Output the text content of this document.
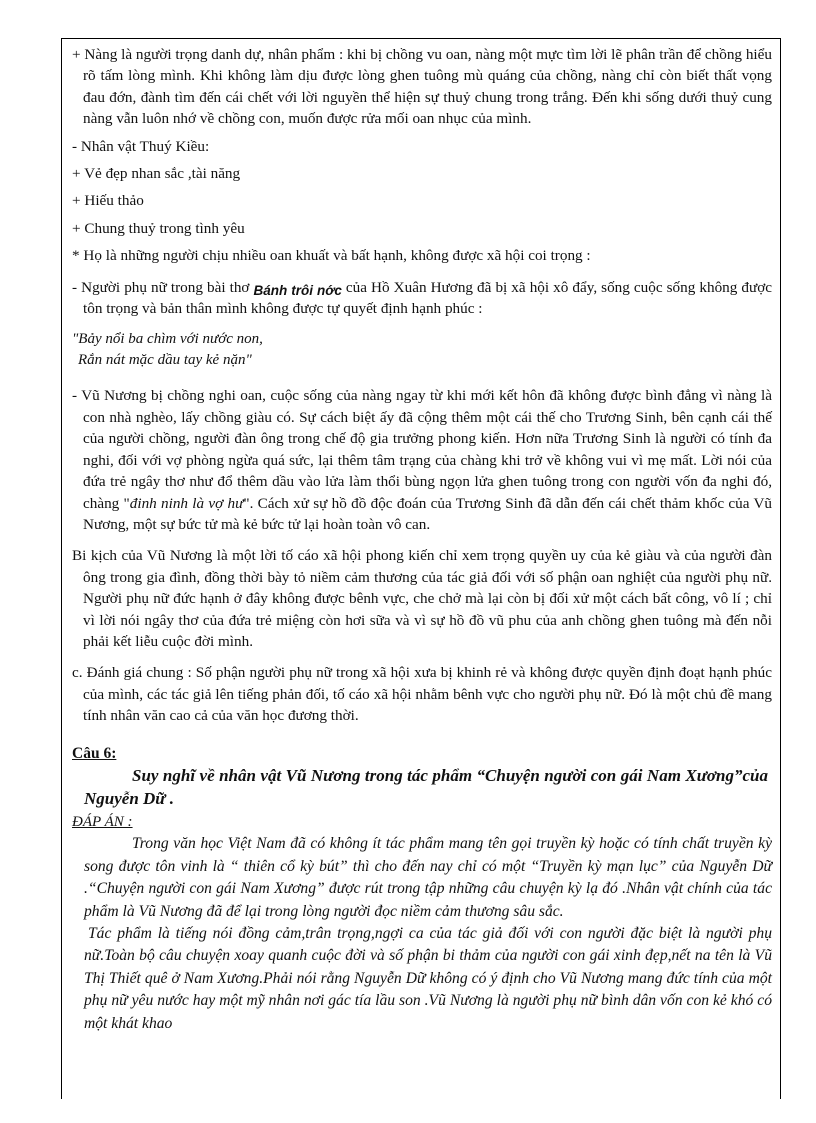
+ Nàng là người trọng danh dự, nhân phẩm : khi bị chồng vu oan, nàng một mực tìm lời lẽ phân trần để chồng hiểu rõ tấm lòng mình. Khi không làm dịu được lòng ghen tuông mù quáng của chồng, nàng chỉ còn biết thất vọng đau đớn, đành tìm đến cái chết với lời nguyền thể hiện sự thuỷ chung trong trắng. Đến khi sống dưới thuỷ cung nàng vẫn luôn nhớ về chồng con, muốn được rửa mối oan nhục của mình.

- Nhân vật Thuý Kiều:

+ Vẻ đẹp nhan sắc ,tài năng

+ Hiếu thảo

+ Chung thuỷ trong tình yêu

* Họ là những người chịu nhiều oan khuất và bất hạnh, không được xã hội coi trọng :

- Người phụ nữ trong bài thơ Bánh trôi nớc của Hồ Xuân Hương đã bị xã hội xô đẩy, sống cuộc sống không được tôn trọng và bản thân mình không được tự quyết định hạnh phúc :

"Bảy nổi ba chìm với nước non,
Rắn nát mặc dầu tay kẻ nặn"

- Vũ Nương bị chồng nghi oan, cuộc sống của nàng ngay từ khi mới kết hôn đã không được bình đẳng vì nàng là con nhà nghèo, lấy chồng giàu có. Sự cách biệt ấy đã cộng thêm một cái thế cho Trương Sinh, bên cạnh cái thế của người chồng, người đàn ông trong chế độ gia trưởng phong kiến. Hơn nữa Trương Sinh là người có tính đa nghi, đối với vợ phòng ngừa quá sức, lại thêm tâm trạng của chàng khi trở về không vui vì mẹ mất. Lời nói của đứa trẻ ngây thơ như đổ thêm dầu vào lửa làm thổi bùng ngọn lửa ghen tuông trong con người vốn đa nghi đó, chàng "đinh ninh là vợ hư". Cách xử sự hồ đồ độc đoán của Trương Sinh đã dẫn đến cái chết thảm khốc của Vũ Nương, một sự bức tử mà kẻ bức tử lại hoàn toàn vô can.

Bi kịch của Vũ Nương là một lời tố cáo xã hội phong kiến chỉ xem trọng quyền uy của kẻ giàu và của người đàn ông trong gia đình, đồng thời bày tỏ niềm cảm thương của tác giả đối với số phận oan nghiệt của người phụ nữ. Người phụ nữ đức hạnh ở đây không được bênh vực, che chở mà lại còn bị đối xử một cách bất công, vô lí ; chỉ vì lời nói ngây thơ của đứa trẻ miệng còn hơi sữa và vì sự hồ đồ vũ phu của anh chồng ghen tuông mà đến nỗi phải kết liễu cuộc đời mình.

c. Đánh giá chung : Số phận người phụ nữ trong xã hội xưa bị khinh rẻ và không được quyền định đoạt hạnh phúc của mình, các tác giả lên tiếng phản đối, tố cáo xã hội nhằm bênh vực cho người phụ nữ. Đó là một chủ đề mang tính nhân văn cao cả của văn học đương thời.

Câu 6:

Suy nghĩ về nhân vật Vũ Nương trong tác phẩm “Chuyện người con gái Nam Xương”của Nguyễn Dữ .

ĐÁP ÁN :

Trong văn học Việt Nam đã có không ít tác phẩm mang tên gọi truyền kỳ hoặc có tính chất truyền kỳ song được tôn vinh là “ thiên cổ kỳ bút” thì cho đến nay chỉ có một “Truyền kỳ mạn lục” của Nguyễn Dữ .“Chuyện người con gái Nam Xương” được rút trong tập những câu chuyện kỳ lạ đó .Nhân vật chính của tác phẩm là Vũ Nương đã để lại trong lòng người đọc niềm cảm thương sâu sắc.

Tác phẩm là tiếng nói đồng cảm,trân trọng,ngợi ca của tác giả đối với con người đặc biệt là người phụ nữ.Toàn bộ câu chuyện xoay quanh cuộc đời và số phận bi thảm của người con gái xinh đẹp,nết na tên là Vũ Thị Thiết quê ở Nam Xương.Phải nói rằng Nguyễn Dữ không có ý định cho Vũ Nương mang đức tính của một phụ nữ yêu nước hay một mỹ nhân nơi gác tía lầu son .Vũ Nương là người phụ nữ bình dân vốn con kẻ khó có một khát khao
